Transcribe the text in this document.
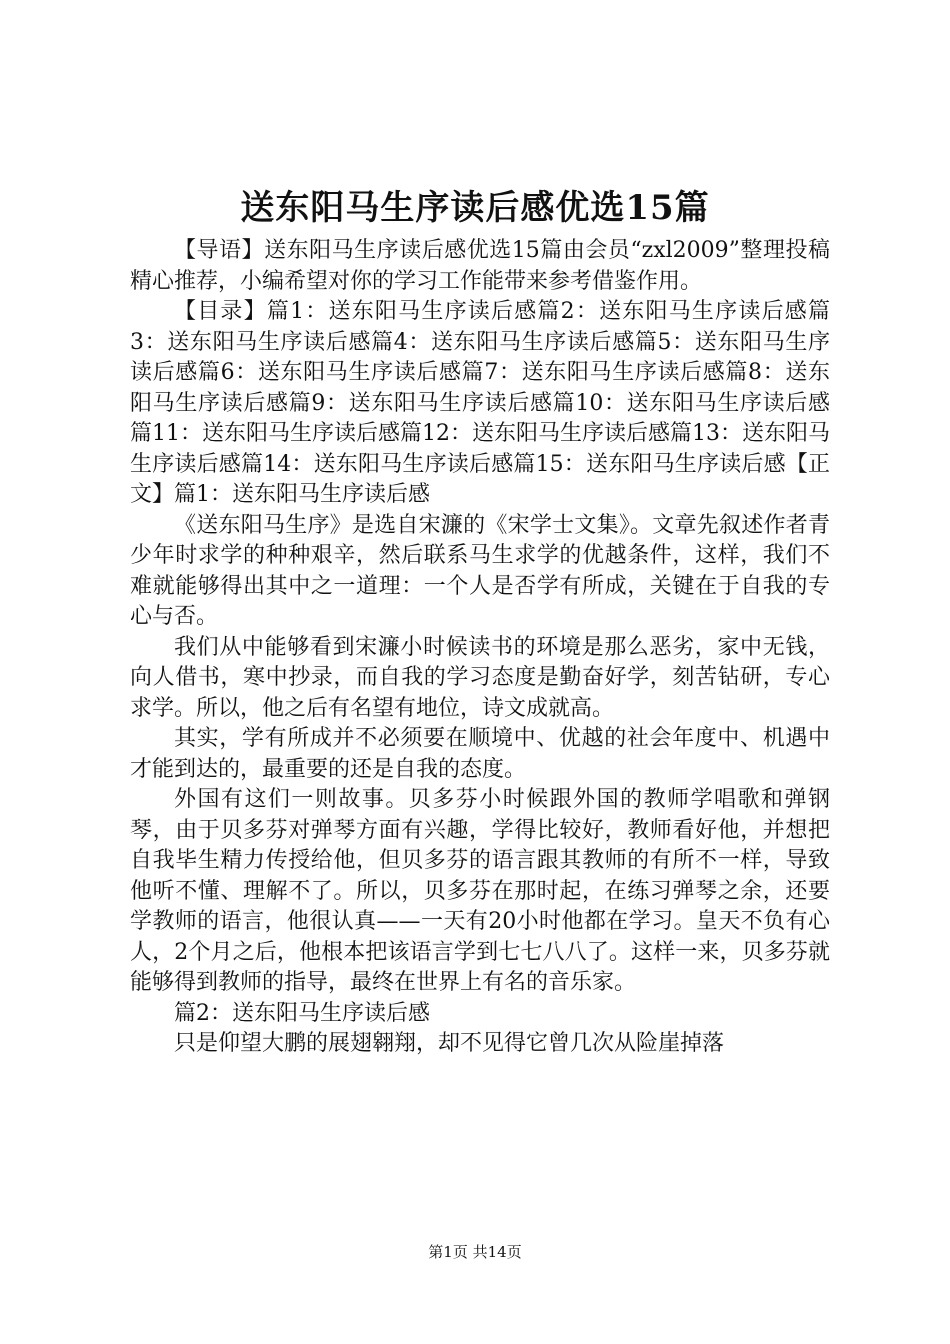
送东阳马生序读后感优选15篇

【导语】送东阳马生序读后感优选15篇由会员“zxl2009”整理投稿精心推荐，小编希望对你的学习工作能带来参考借鉴作用。

【目录】篇1：送东阳马生序读后感篇2：送东阳马生序读后感篇3：送东阳马生序读后感篇4：送东阳马生序读后感篇5：送东阳马生序读后感篇6：送东阳马生序读后感篇7：送东阳马生序读后感篇8：送东阳马生序读后感篇9：送东阳马生序读后感篇10：送东阳马生序读后感篇11：送东阳马生序读后感篇12：送东阳马生序读后感篇13：送东阳马生序读后感篇14：送东阳马生序读后感篇15：送东阳马生序读后感【正文】篇1：送东阳马生序读后感

《送东阳马生序》是选自宋濂的《宋学士文集》。文章先叙述作者青少年时求学的种种艰辛，然后联系马生求学的优越条件，这样，我们不难就能够得出其中之一道理：一个人是否学有所成，关键在于自我的专心与否。

我们从中能够看到宋濂小时候读书的环境是那么恶劣，家中无钱，向人借书，寒中抄录，而自我的学习态度是勤奋好学，刻苦钻研，专心求学。所以，他之后有名望有地位，诗文成就高。

其实，学有所成并不必须要在顺境中、优越的社会年度中、机遇中才能到达的，最重要的还是自我的态度。

外国有这们一则故事。贝多芬小时候跟外国的教师学唱歌和弹钢琴，由于贝多芬对弹琴方面有兴趣，学得比较好，教师看好他，并想把自我毕生精力传授给他，但贝多芬的语言跟其教师的有所不一样，导致他听不懂、理解不了。所以，贝多芬在那时起，在练习弹琴之余，还要学教师的语言，他很认真——一天有20小时他都在学习。皇天不负有心人，2个月之后，他根本把该语言学到七七八八了。这样一来，贝多芬就能够得到教师的指导，最终在世界上有名的音乐家。

篇2：送东阳马生序读后感

只是仰望大鹏的展翅翱翔，却不见得它曾几次从险崖掉落

第1页 共14页
